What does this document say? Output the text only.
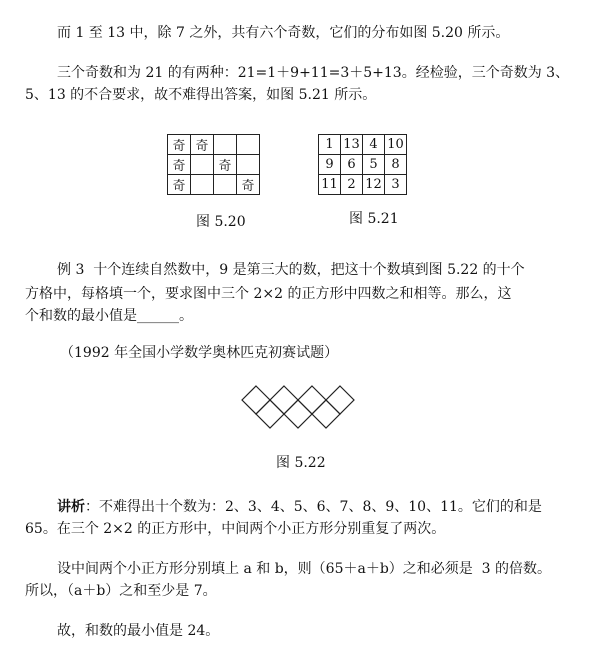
而 1 至 13 中，除 7 之外，共有六个奇数，它们的分布如图 5.20 所示。
三个奇数和为 21 的有两种：21=1＋9+11=3＋5+13。经检验，三个奇数为 3、
5、13 的不合要求，故不难得出答案，如图 5.21 所示。
奇	奇		
奇		奇	
奇			奇
图 5.20
1	13	4	10
9	6	5	8
11	2	12	3
图 5.21
例 3  十个连续自然数中，9 是第三大的数，把这十个数填到图 5.22 的十个
方格中，每格填一个，要求图中三个 2×2 的正方形中四数之和相等。那么，这
个和数的最小值是______。
（1992 年全国小学数学奥林匹克初赛试题）
图 5.22
讲析：不难得出十个数为：2、3、4、5、6、7、8、9、10、11。它们的和是
65。在三个 2×2 的正方形中，中间两个小正方形分别重复了两次。
设中间两个小正方形分别填上 a 和 b，则（65＋a＋b）之和必须是  3 的倍数。
所以，（a＋b）之和至少是 7。
故，和数的最小值是 24。
